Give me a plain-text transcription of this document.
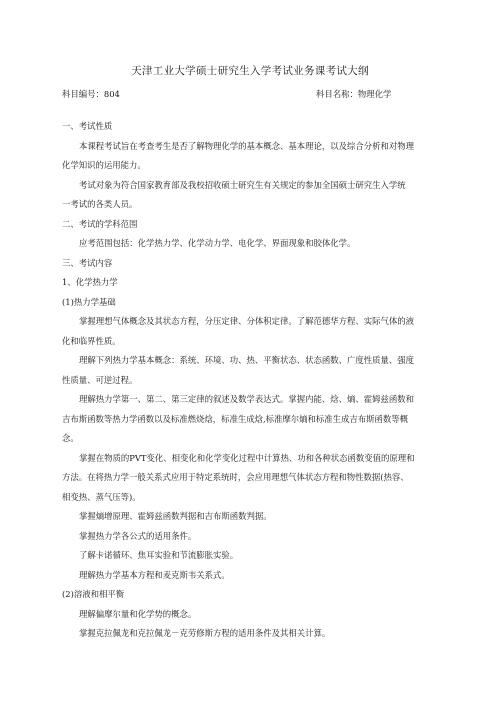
天津工业大学硕士研究生入学考试业务课考试大纲
科目编号：804	科目名称：物理化学
一、考试性质
本课程考试旨在考查考生是否了解物理化学的基本概念、基本理论，以及综合分析和对物理
化学知识的运用能力。
考试对象为符合国家教育部及我校招收硕士研究生有关规定的参加全国硕士研究生入学统
一考试的各类人员。
二、考试的学科范围
应考范围包括：化学热力学、化学动力学、电化学、界面现象和胶体化学。
三、考试内容
1、化学热力学
(1)热力学基础
掌握理想气体概念及其状态方程，分压定律、分体积定律。了解范德华方程、实际气体的液
化和临界性质。
理解下列热力学基本概念：系统、环境、功、热、平衡状态、状态函数、广度性质量、强度
性质量、可逆过程。
理解热力学第一、第二、第三定律的叙述及数学表达式。掌握内能、焓、熵、霍姆兹函数和
吉布斯函数等热力学函数以及标准燃烧焓，标准生成焓,标准摩尔熵和标准生成吉布斯函数等概
念。
掌握在物质的PVT变化、相变化和化学变化过程中计算热、功和各种状态函数变值的原理和
方法。在将热力学一般关系式应用于特定系统时，会应用理想气体状态方程和物性数据(热容、
相变热、蒸气压等)。
掌握熵增原理、霍姆兹函数判据和吉布斯函数判据。
掌握热力学各公式的适用条件。
了解卡诺循环、焦耳实验和节流膨胀实验。
理解热力学基本方程和麦克斯韦关系式。
(2)溶液和相平衡
理解偏摩尔量和化学势的概念。
掌握克拉佩龙和克拉佩龙－克劳修斯方程的适用条件及其相关计算。
